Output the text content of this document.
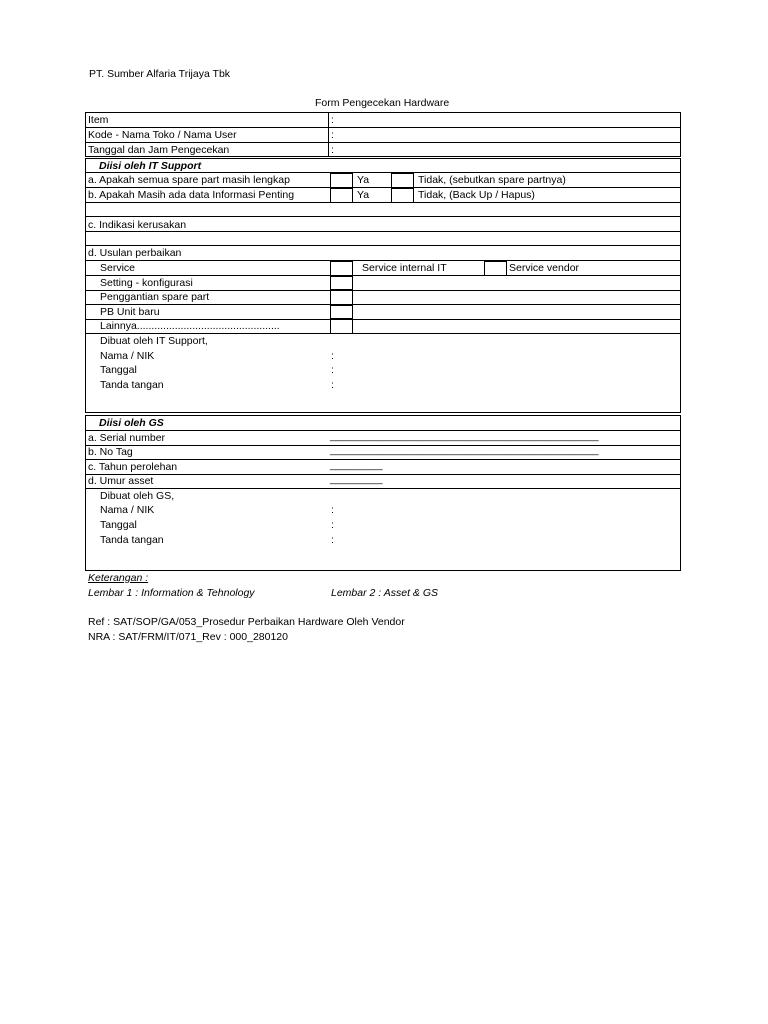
PT. Sumber Alfaria Trijaya Tbk
Form Pengecekan Hardware
Item	:
Kode - Nama Toko / Nama User	:
Tanggal dan Jam Pengecekan	:
Diisi oleh IT Support
a. Apakah semua spare part masih lengkap	Ya	Tidak, (sebutkan spare partnya)
b. Apakah Masih ada data Informasi Penting	Ya	Tidak, (Back Up / Hapus)
c. Indikasi kerusakan
d. Usulan perbaikan
Service	Service internal IT	Service vendor
Setting - konfigurasi
Penggantian spare part
PB Unit baru
Lainnya.................................................
Dibuat oleh IT Support,
Nama / NIK	:
Tanggal	:
Tanda tangan	:
Diisi oleh GS
a. Serial number	______________________________________________
b. No Tag	______________________________________________
c. Tahun perolehan	_________
d. Umur asset	_________
Dibuat oleh GS,
Nama / NIK	:
Tanggal	:
Tanda tangan	:
Keterangan :
Lembar 1 : Information & Tehnology	Lembar 2 : Asset & GS
Ref : SAT/SOP/GA/053_Prosedur Perbaikan Hardware Oleh Vendor
NRA : SAT/FRM/IT/071_Rev : 000_280120
